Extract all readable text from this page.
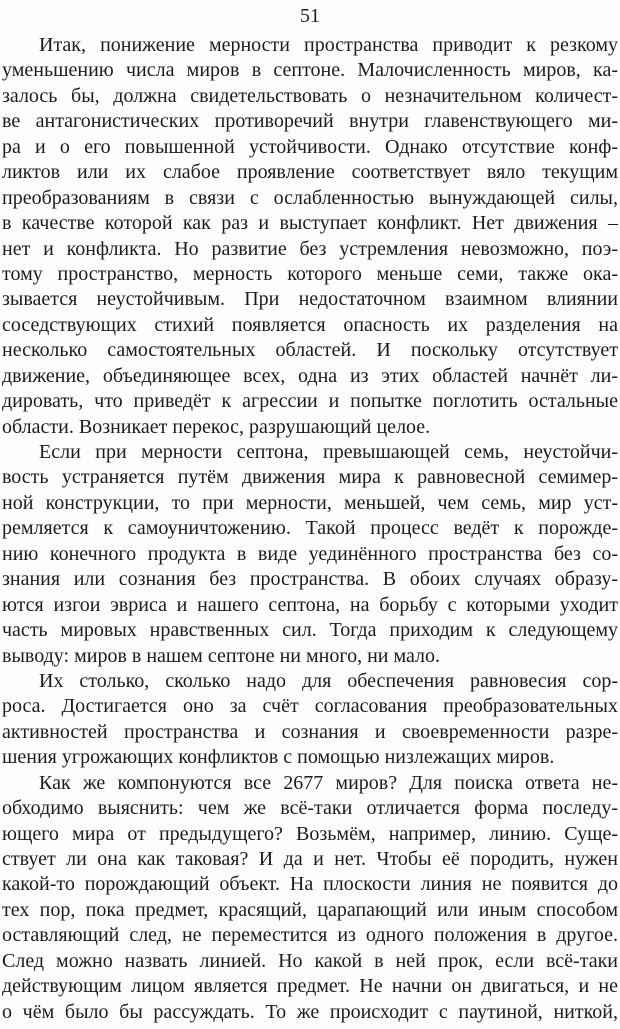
51

Итак, понижение мерности пространства приводит к резкому
уменьшению числа миров в септоне. Малочисленность миров, ка-
залось бы, должна свидетельствовать о незначительном количест-
ве антагонистических противоречий внутри главенствующего ми-
ра и о его повышенной устойчивости. Однако отсутствие конф-
ликтов или их слабое проявление соответствует вяло текущим
преобразованиям в связи с ослабленностью вынуждающей силы,
в качестве которой как раз и выступает конфликт. Нет движения –
нет и конфликта. Но развитие без устремления невозможно, поэ-
тому пространство, мерность которого меньше семи, также ока-
зывается неустойчивым. При недостаточном взаимном влиянии
соседствующих стихий появляется опасность их разделения на
несколько самостоятельных областей. И поскольку отсутствует
движение, объединяющее всех, одна из этих областей начнёт ли-
дировать, что приведёт к агрессии и попытке поглотить остальные
области. Возникает перекос, разрушающий целое.

Если при мерности септона, превышающей семь, неустойчи-
вость устраняется путём движения мира к равновесной семимер-
ной конструкции, то при мерности, меньшей, чем семь, мир уст-
ремляется к самоуничтожению. Такой процесс ведёт к порожде-
нию конечного продукта в виде уединённого пространства без со-
знания или сознания без пространства. В обоих случаях образу-
ются изгои эвриса и нашего септона, на борьбу с которыми уходит
часть мировых нравственных сил. Тогда приходим к следующему
выводу: миров в нашем септоне ни много, ни мало.

Их столько, сколько надо для обеспечения равновесия сор-
роса. Достигается оно за счёт согласования преобразовательных
активностей пространства и сознания и своевременности разре-
шения угрожающих конфликтов с помощью низлежащих миров.

Как же компонуются все 2677 миров? Для поиска ответа не-
обходимо выяснить: чем же всё-таки отличается форма последу-
ющего мира от предыдущего? Возьмём, например, линию. Суще-
ствует ли она как таковая? И да и нет. Чтобы её породить, нужен
какой-то порождающий объект. На плоскости линия не появится до
тех пор, пока предмет, красящий, царапающий или иным способом
оставляющий след, не переместится из одного положения в другое.
След можно назвать линией. Но какой в ней прок, если всё-таки
действующим лицом является предмет. Не начни он двигаться, и не
о чём было бы рассуждать. То же происходит с паутиной, ниткой,
